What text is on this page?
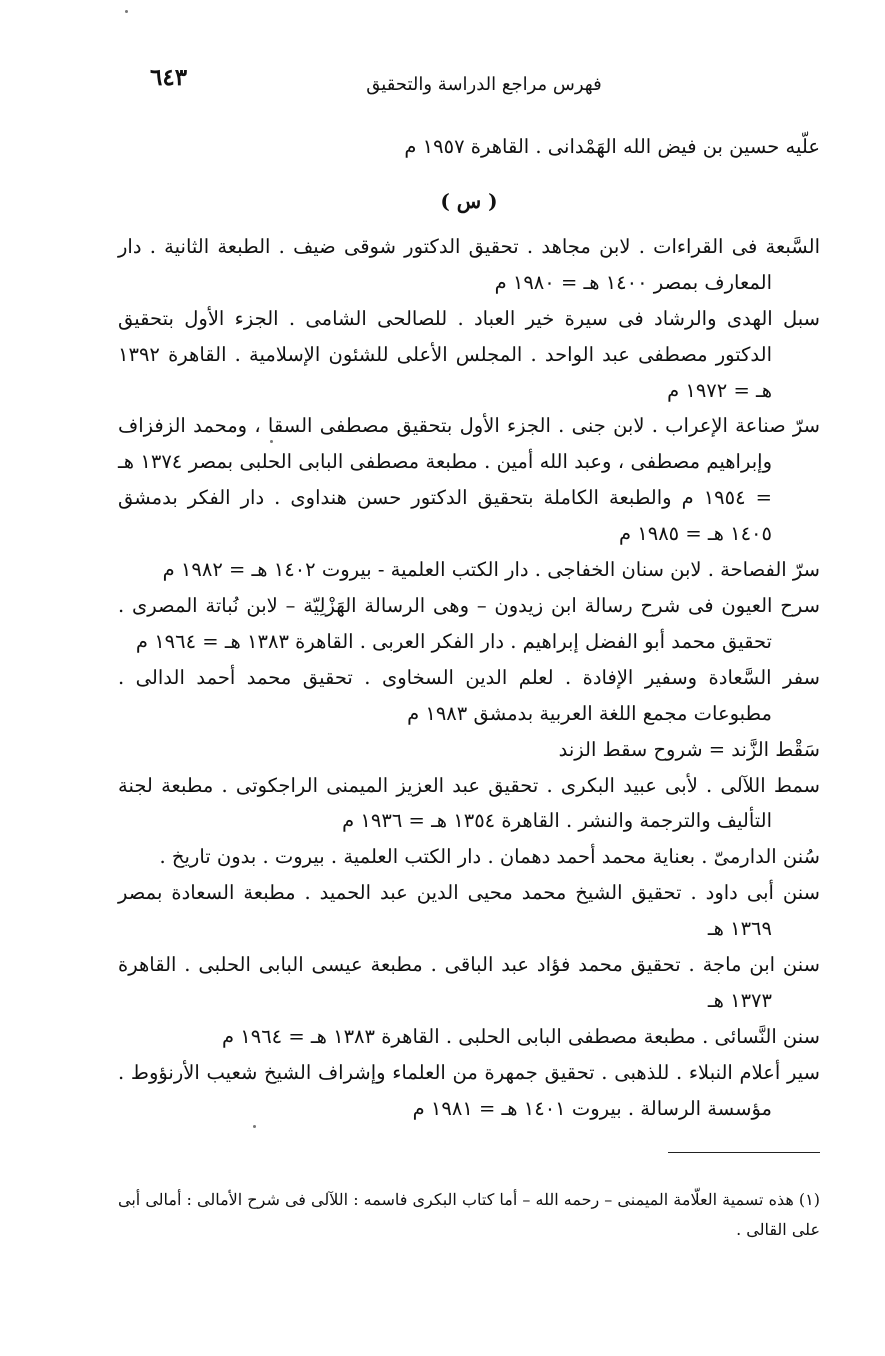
فهرس مراجع الدراسة والتحقيق
٦٤٣

علّيه حسين بن فيض الله الهَمْدانى . القاهرة ١٩٥٧ م

( س )

السَّبعة فى القراءات . لابن مجاهد . تحقيق الدكتور شوقى ضيف . الطبعة الثانية . دار المعارف بمصر ١٤٠٠ هـ = ١٩٨٠ م

سبل الهدى والرشاد فى سيرة خير العباد . للصالحى الشامى . الجزء الأول بتحقيق الدكتور مصطفى عبد الواحد . المجلس الأعلى للشئون الإسلامية . القاهرة ١٣٩٢ هـ = ١٩٧٢ م

سرّ صناعة الإعراب . لابن جنى . الجزء الأول بتحقيق مصطفى السقا ، ومحمد الزفزاف وإبراهيم مصطفى ، وعبد الله أمين . مطبعة مصطفى البابى الحلبى بمصر ١٣٧٤ هـ = ١٩٥٤ م والطبعة الكاملة بتحقيق الدكتور حسن هنداوى . دار الفكر بدمشق ١٤٠٥ هـ = ١٩٨٥ م

سرّ الفصاحة . لابن سنان الخفاجى . دار الكتب العلمية - بيروت ١٤٠٢ هـ = ١٩٨٢ م

سرح العيون فى شرح رسالة ابن زيدون – وهى الرسالة الهَزْلِيّة – لابن نُباتة المصرى . تحقيق محمد أبو الفضل إبراهيم . دار الفكر العربى . القاهرة ١٣٨٣ هـ = ١٩٦٤ م

سفر السَّعادة وسفير الإفادة . لعلم الدين السخاوى . تحقيق محمد أحمد الدالى . مطبوعات مجمع اللغة العربية بدمشق ١٩٨٣ م

سَقْط الزَّند = شروح سقط الزند

سمط اللآلى . لأبى عبيد البكرى . تحقيق عبد العزيز الميمنى الراجكوتى . مطبعة لجنة التأليف والترجمة والنشر . القاهرة ١٣٥٤ هـ = ١٩٣٦ م

سُنن الدارمىّ . بعناية محمد أحمد دهمان . دار الكتب العلمية . بيروت . بدون تاريخ .

سنن أبى داود . تحقيق الشيخ محمد محيى الدين عبد الحميد . مطبعة السعادة بمصر ١٣٦٩ هـ

سنن ابن ماجة . تحقيق محمد فؤاد عبد الباقى . مطبعة عيسى البابى الحلبى . القاهرة ١٣٧٣ هـ

سنن النَّسائى . مطبعة مصطفى البابى الحلبى . القاهرة ١٣٨٣ هـ = ١٩٦٤ م

سير أعلام النبلاء . للذهبى . تحقيق جمهرة من العلماء وإشراف الشيخ شعيب الأرنؤوط . مؤسسة الرسالة . بيروت ١٤٠١ هـ = ١٩٨١ م

(١) هذه تسمية العلّامة الميمنى – رحمه الله – أما كتاب البكرى فاسمه : اللآلى فى شرح الأمالى : أمالى أبى على القالى .
